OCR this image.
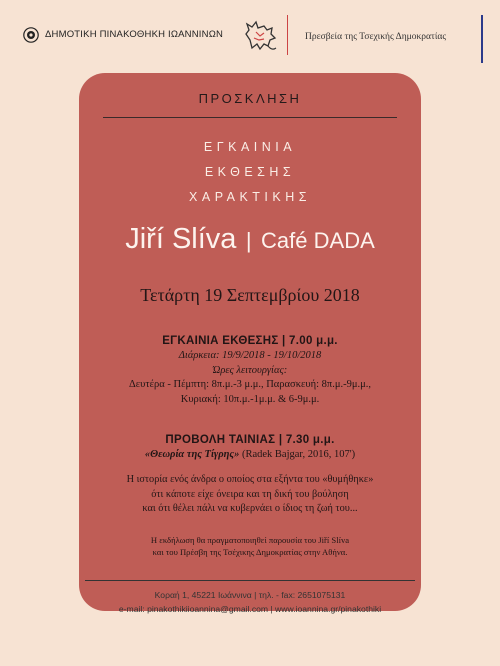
ΔΗΜΟΤΙΚΗ ΠΙΝΑΚΟΘΗΚΗ ΙΩΑΝΝΙΝΩΝ	Πρεσβεία της Τσεχικής Δημοκρατίας
ΠΡΟΣΚΛΗΣΗ
ΕΓΚΑΙΝΙΑ
ΕΚΘΕΣΗΣ
ΧΑΡΑΚΤΙΚΗΣ
Jiří Slíva | Café DADA
Τετάρτη 19 Σεπτεμβρίου 2018
ΕΓΚΑΙΝΙΑ ΕΚΘΕΣΗΣ | 7.00 μ.μ.
Διάρκεια: 19/9/2018 - 19/10/2018
Ώρες λειτουργίας:
Δευτέρα - Πέμπτη: 8π.μ.-3 μ.μ., Παρασκευή: 8π.μ.-9μ.μ.,
Κυριακή: 10π.μ.-1μ.μ. & 6-9μ.μ.
ΠΡΟΒΟΛΗ ΤΑΙΝΙΑΣ | 7.30 μ.μ.
«Θεωρία της Τίγρης» (Radek Bajgar, 2016, 107')
Η ιστορία ενός άνδρα ο οποίος στα εξήντα του «θυμήθηκε»
ότι κάποτε είχε όνειρα και τη δική του βούληση
και ότι θέλει πάλι να κυβερνάει ο ίδιος τη ζωή του...
Η εκδήλωση θα πραγματοποιηθεί παρουσία του Jiří Slíva
και του Πρέσβη της Τσέχικης Δημοκρατίας στην Αθήνα.
Κοραή 1, 45221 Ιωάννινα | τηλ. - fax: 2651075131
e-mail: pinakothikiioannina@gmail.com | www.ioannina.gr/pinakothiki
